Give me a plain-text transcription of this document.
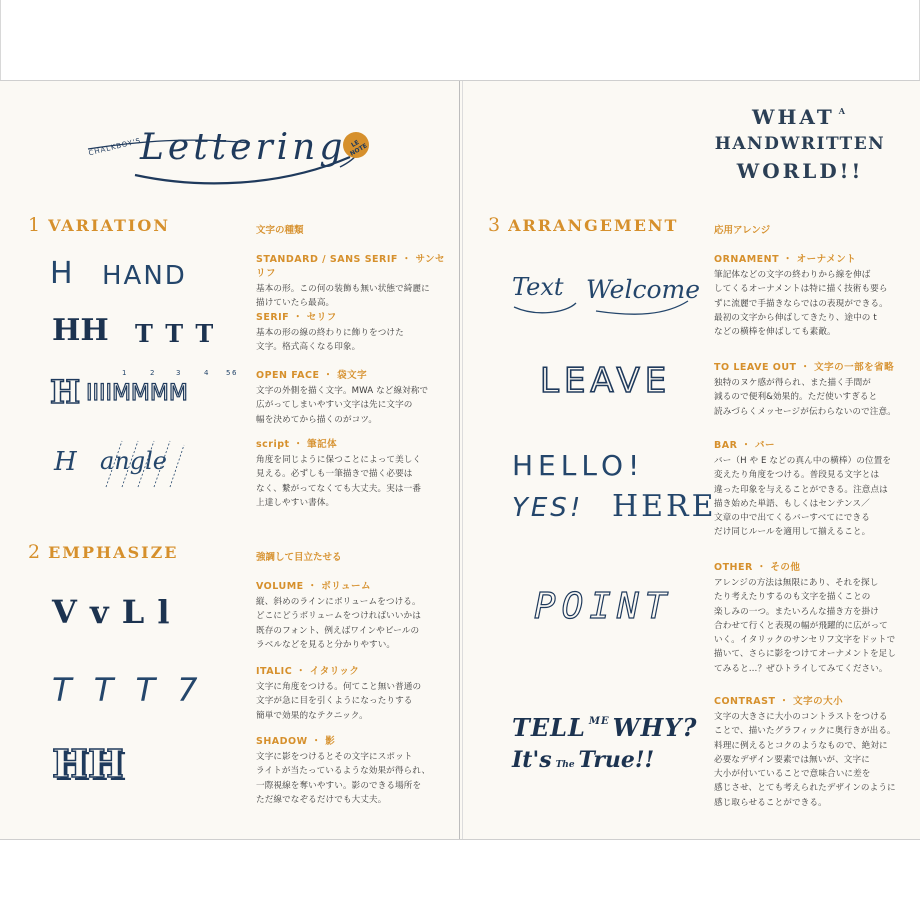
CHALKBOY'S
Lettering LE NOTE
1 VARIATION	文字の種類
H HAND
HH T T T
1	2	3	4	5 6
H IIIIMMMM
H angle
2 EMPHASIZE	強調して目立たせる
V v L l
T T T 7
HH
STANDARD / SANS SERIF ・ サンセリフ
基本の形。この何の装飾も無い状態で綺麗に
描けていたら最高。
SERIF ・ セリフ
基本の形の線の終わりに飾りをつけた
文字。格式高くなる印象。
OPEN FACE ・ 袋文字
文字の外側を描く文字。MWA など線対称で
広がってしまいやすい文字は先に文字の
幅を決めてから描くのがコツ。
script ・ 筆記体
角度を同じように保つことによって美しく
見える。必ずしも一筆描きで描く必要は
なく、繋がってなくても大丈夫。実は一番
上達しやすい書体。
VOLUME ・ ボリューム
縦、斜めのラインにボリュームをつける。
どこにどうボリュームをつければいいかは
既存のフォント、例えばワインやビールの
ラベルなどを見ると分かりやすい。
ITALIC ・ イタリック
文字に角度をつける。何てこと無い普通の
文字が急に目を引くようになったりする
簡単で効果的なテクニック。
SHADOW ・ 影
文字に影をつけるとその文字にスポット
ライトが当たっているような効果が得られ、
一際視線を奪いやすい。影のできる場所を
ただ線でなぞるだけでも大丈夫。
WHAT $^A$
HANDWRITTEN
WORLD!!
3 ARRANGEMENT	応用アレンジ
Text Welcome
LEAVE
HELLO!
YES! HERE
POINT
TELL $^{ME}$ WHY?
It's The True!!
ORNAMENT ・ オーナメント
筆記体などの文字の終わりから線を伸ば
してくるオーナメントは特に描く技術も要ら
ずに流麗で手描きならではの表現ができる。
最初の文字から伸ばしてきたり、途中の t
などの横棒を伸ばしても素敵。
TO LEAVE OUT ・ 文字の一部を省略
独特のヌケ感が得られ、また描く手間が
減るので便利&効果的。ただ使いすぎると
読みづらくメッセージが伝わらないので注意。
BAR ・ バー
バー（H や E などの真ん中の横棒）の位置を
変えたり角度をつける。普段見る文字とは
違った印象を与えることができる。注意点は
描き始めた単語、もしくはセンテンス／
文章の中で出てくるバーすべてにできる
だけ同じルールを適用して揃えること。
OTHER ・ その他
アレンジの方法は無限にあり、それを探し
たり考えたりするのも文字を描くことの
楽しみの一つ。またいろんな描き方を掛け
合わせて行くと表現の幅が飛躍的に広がって
いく。イタリックのサンセリフ文字をドットで
描いて、さらに影をつけてオーナメントを足し
てみると…？ぜひトライしてみてください。
CONTRAST ・ 文字の大小
文字の大きさに大小のコントラストをつける
ことで、描いたグラフィックに奥行きが出る。
料理に例えるとコクのようなもので、絶対に
必要なデザイン要素では無いが、文字に
大小が付いていることで意味合いに差を
感じさせ、とても考えられたデザインのように
感じ取らせることができる。
